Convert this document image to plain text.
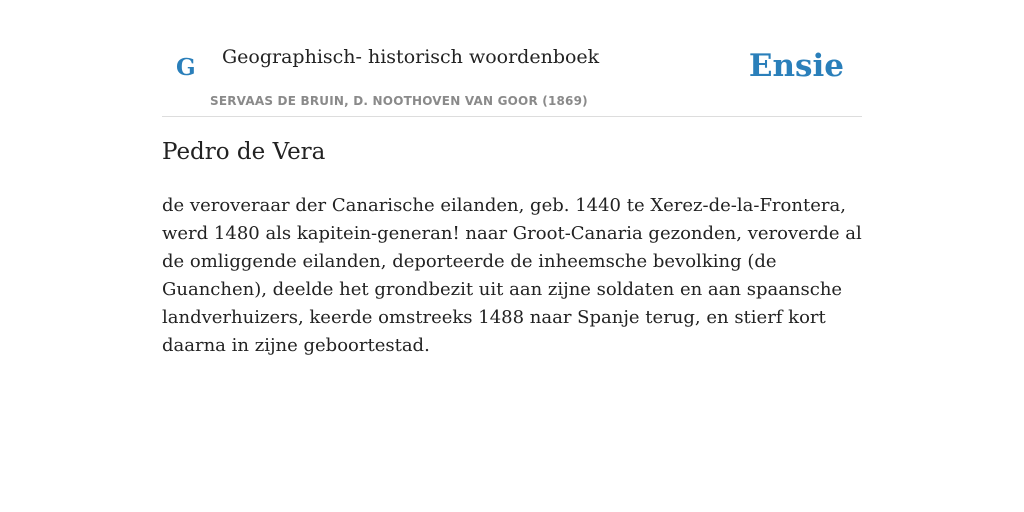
G Geographisch- historisch woordenboek
SERVAAS DE BRUIN, D. NOOTHOVEN VAN GOOR (1869)
Ensie
Pedro de Vera

de veroveraar der Canarische eilanden, geb. 1440 te Xerez-de-la-Frontera, werd 1480 als kapitein-generan! naar Groot-Canaria gezonden, veroverde al de omliggende eilanden, deporteerde de inheemsche bevolking (de Guanchen), deelde het grondbezit uit aan zijne soldaten en aan spaansche landverhuizers, keerde omstreeks 1488 naar Spanje terug, en stierf kort daarna in zijne geboortestad.
